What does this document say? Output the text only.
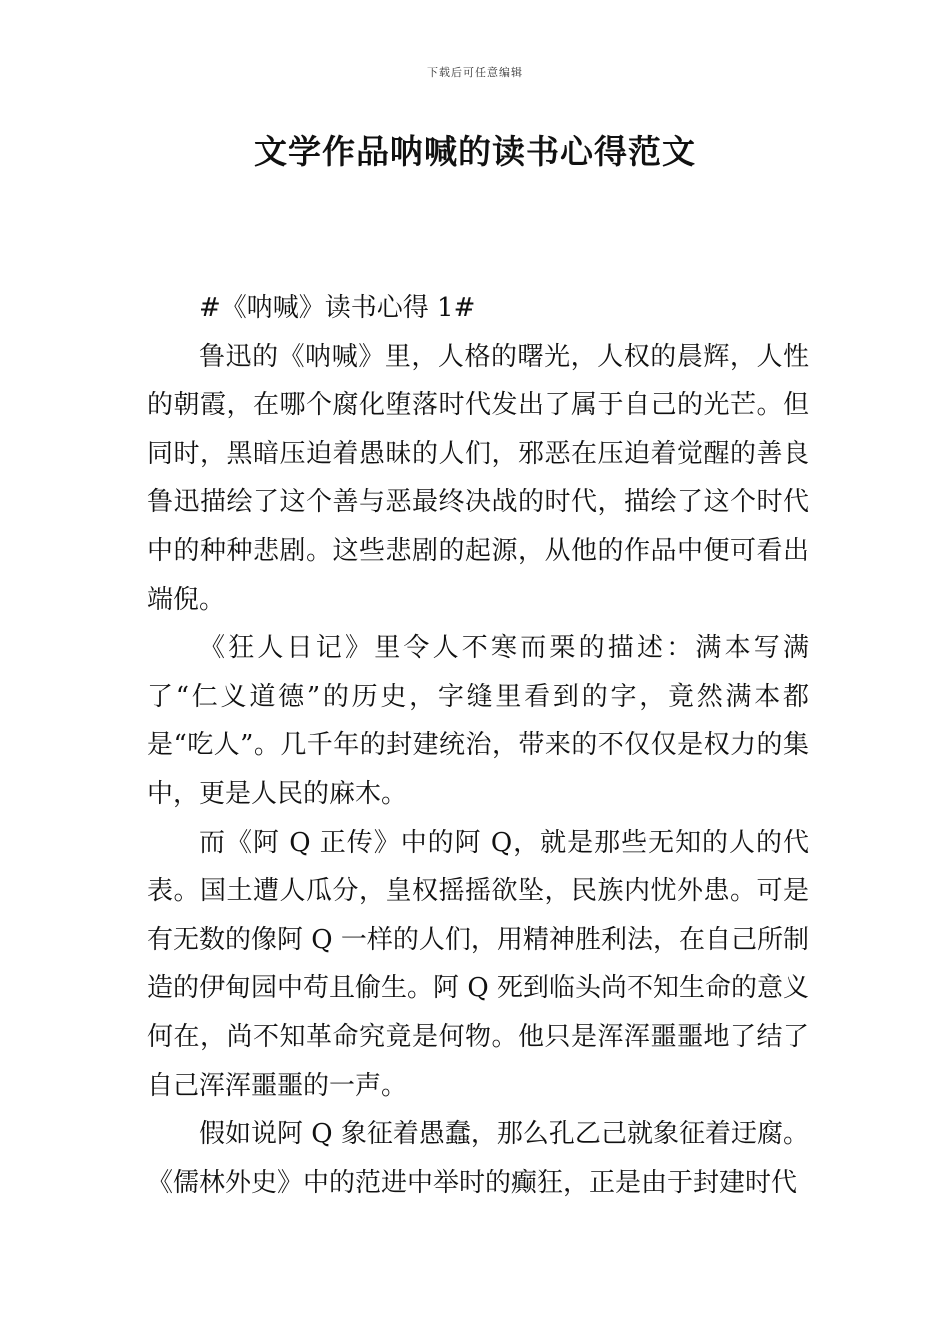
下载后可任意编辑
文学作品呐喊的读书心得范文

#《呐喊》读书心得 1#

鲁迅的《呐喊》里，人格的曙光，人权的晨辉，人性的朝霞，在哪个腐化堕落时代发出了属于自己的光芒。但同时，黑暗压迫着愚昧的人们，邪恶在压迫着觉醒的善良鲁迅描绘了这个善与恶最终决战的时代，描绘了这个时代中的种种悲剧。这些悲剧的起源，从他的作品中便可看出端倪。

《狂人日记》里令人不寒而栗的描述：满本写满了“仁义道德”的历史，字缝里看到的字，竟然满本都是“吃人”。几千年的封建统治，带来的不仅仅是权力的集中，更是人民的麻木。

而《阿 Q 正传》中的阿 Q，就是那些无知的人的代表。国土遭人瓜分，皇权摇摇欲坠，民族内忧外患。可是有无数的像阿 Q 一样的人们，用精神胜利法，在自己所制造的伊甸园中苟且偷生。阿 Q 死到临头尚不知生命的意义何在，尚不知革命究竟是何物。他只是浑浑噩噩地了结了自己浑浑噩噩的一声。

假如说阿 Q 象征着愚蠢，那么孔乙己就象征着迂腐。《儒林外史》中的范进中举时的癫狂，正是由于封建时代
